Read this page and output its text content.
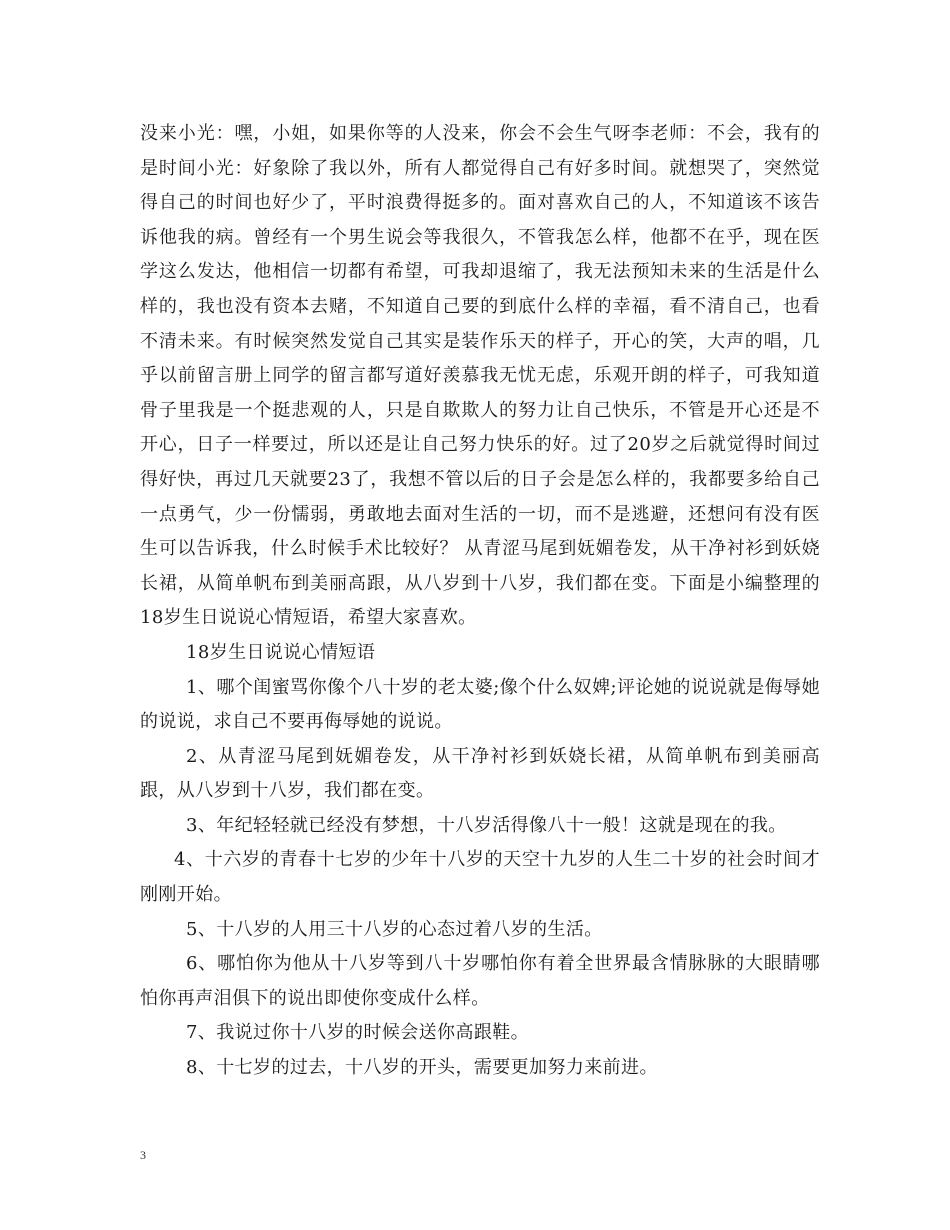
没来小光：嘿，小姐，如果你等的人没来，你会不会生气呀李老师：不会，我有的是时间小光：好象除了我以外，所有人都觉得自己有好多时间。就想哭了，突然觉得自己的时间也好少了，平时浪费得挺多的。面对喜欢自己的人，不知道该不该告诉他我的病。曾经有一个男生说会等我很久，不管我怎么样，他都不在乎，现在医学这么发达，他相信一切都有希望，可我却退缩了，我无法预知未来的生活是什么样的，我也没有资本去赌，不知道自己要的到底什么样的幸福，看不清自己，也看不清未来。有时候突然发觉自己其实是装作乐天的样子，开心的笑，大声的唱，几乎以前留言册上同学的留言都写道好羡慕我无忧无虑，乐观开朗的样子，可我知道骨子里我是一个挺悲观的人，只是自欺欺人的努力让自己快乐，不管是开心还是不开心，日子一样要过，所以还是让自己努力快乐的好。过了20岁之后就觉得时间过得好快，再过几天就要23了，我想不管以后的日子会是怎么样的，我都要多给自己一点勇气，少一份懦弱，勇敢地去面对生活的一切，而不是逃避，还想问有没有医生可以告诉我，什么时候手术比较好？ 从青涩马尾到妩媚卷发，从干净衬衫到妖娆长裙，从简单帆布到美丽高跟，从八岁到十八岁，我们都在变。下面是小编整理的18岁生日说说心情短语，希望大家喜欢。

18岁生日说说心情短语

1、哪个闺蜜骂你像个八十岁的老太婆;像个什么奴婢;评论她的说说就是侮辱她的说说，求自己不要再侮辱她的说说。

2、从青涩马尾到妩媚卷发，从干净衬衫到妖娆长裙，从简单帆布到美丽高跟，从八岁到十八岁，我们都在变。

3、年纪轻轻就已经没有梦想，十八岁活得像八十一般！这就是现在的我。

4、十六岁的青春十七岁的少年十八岁的天空十九岁的人生二十岁的社会时间才刚刚开始。

5、十八岁的人用三十八岁的心态过着八岁的生活。

6、哪怕你为他从十八岁等到八十岁哪怕你有着全世界最含情脉脉的大眼睛哪怕你再声泪俱下的说出即使你变成什么样。

7、我说过你十八岁的时候会送你高跟鞋。

8、十七岁的过去，十八岁的开头，需要更加努力来前进。

3
